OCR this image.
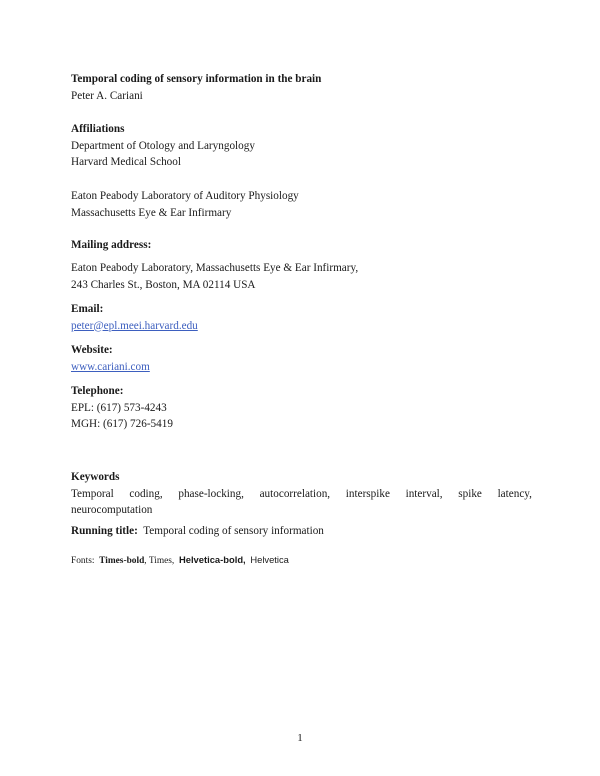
Temporal coding of sensory information in the brain
Peter A. Cariani
Affiliations
Department of Otology and Laryngology
Harvard Medical School
Eaton Peabody Laboratory of Auditory Physiology
Massachusetts Eye & Ear Infirmary
Mailing address:
Eaton Peabody Laboratory, Massachusetts Eye & Ear Infirmary,
243 Charles St., Boston, MA 02114 USA
Email:
peter@epl.meei.harvard.edu
Website:
www.cariani.com
Telephone:
EPL: (617) 573-4243
MGH: (617) 726-5419
Keywords
Temporal coding, phase-locking, autocorrelation, interspike interval, spike latency,
neurocomputation
Running title: Temporal coding of sensory information
Fonts: Times-bold, Times, Helvetica-bold, Helvetica
1
